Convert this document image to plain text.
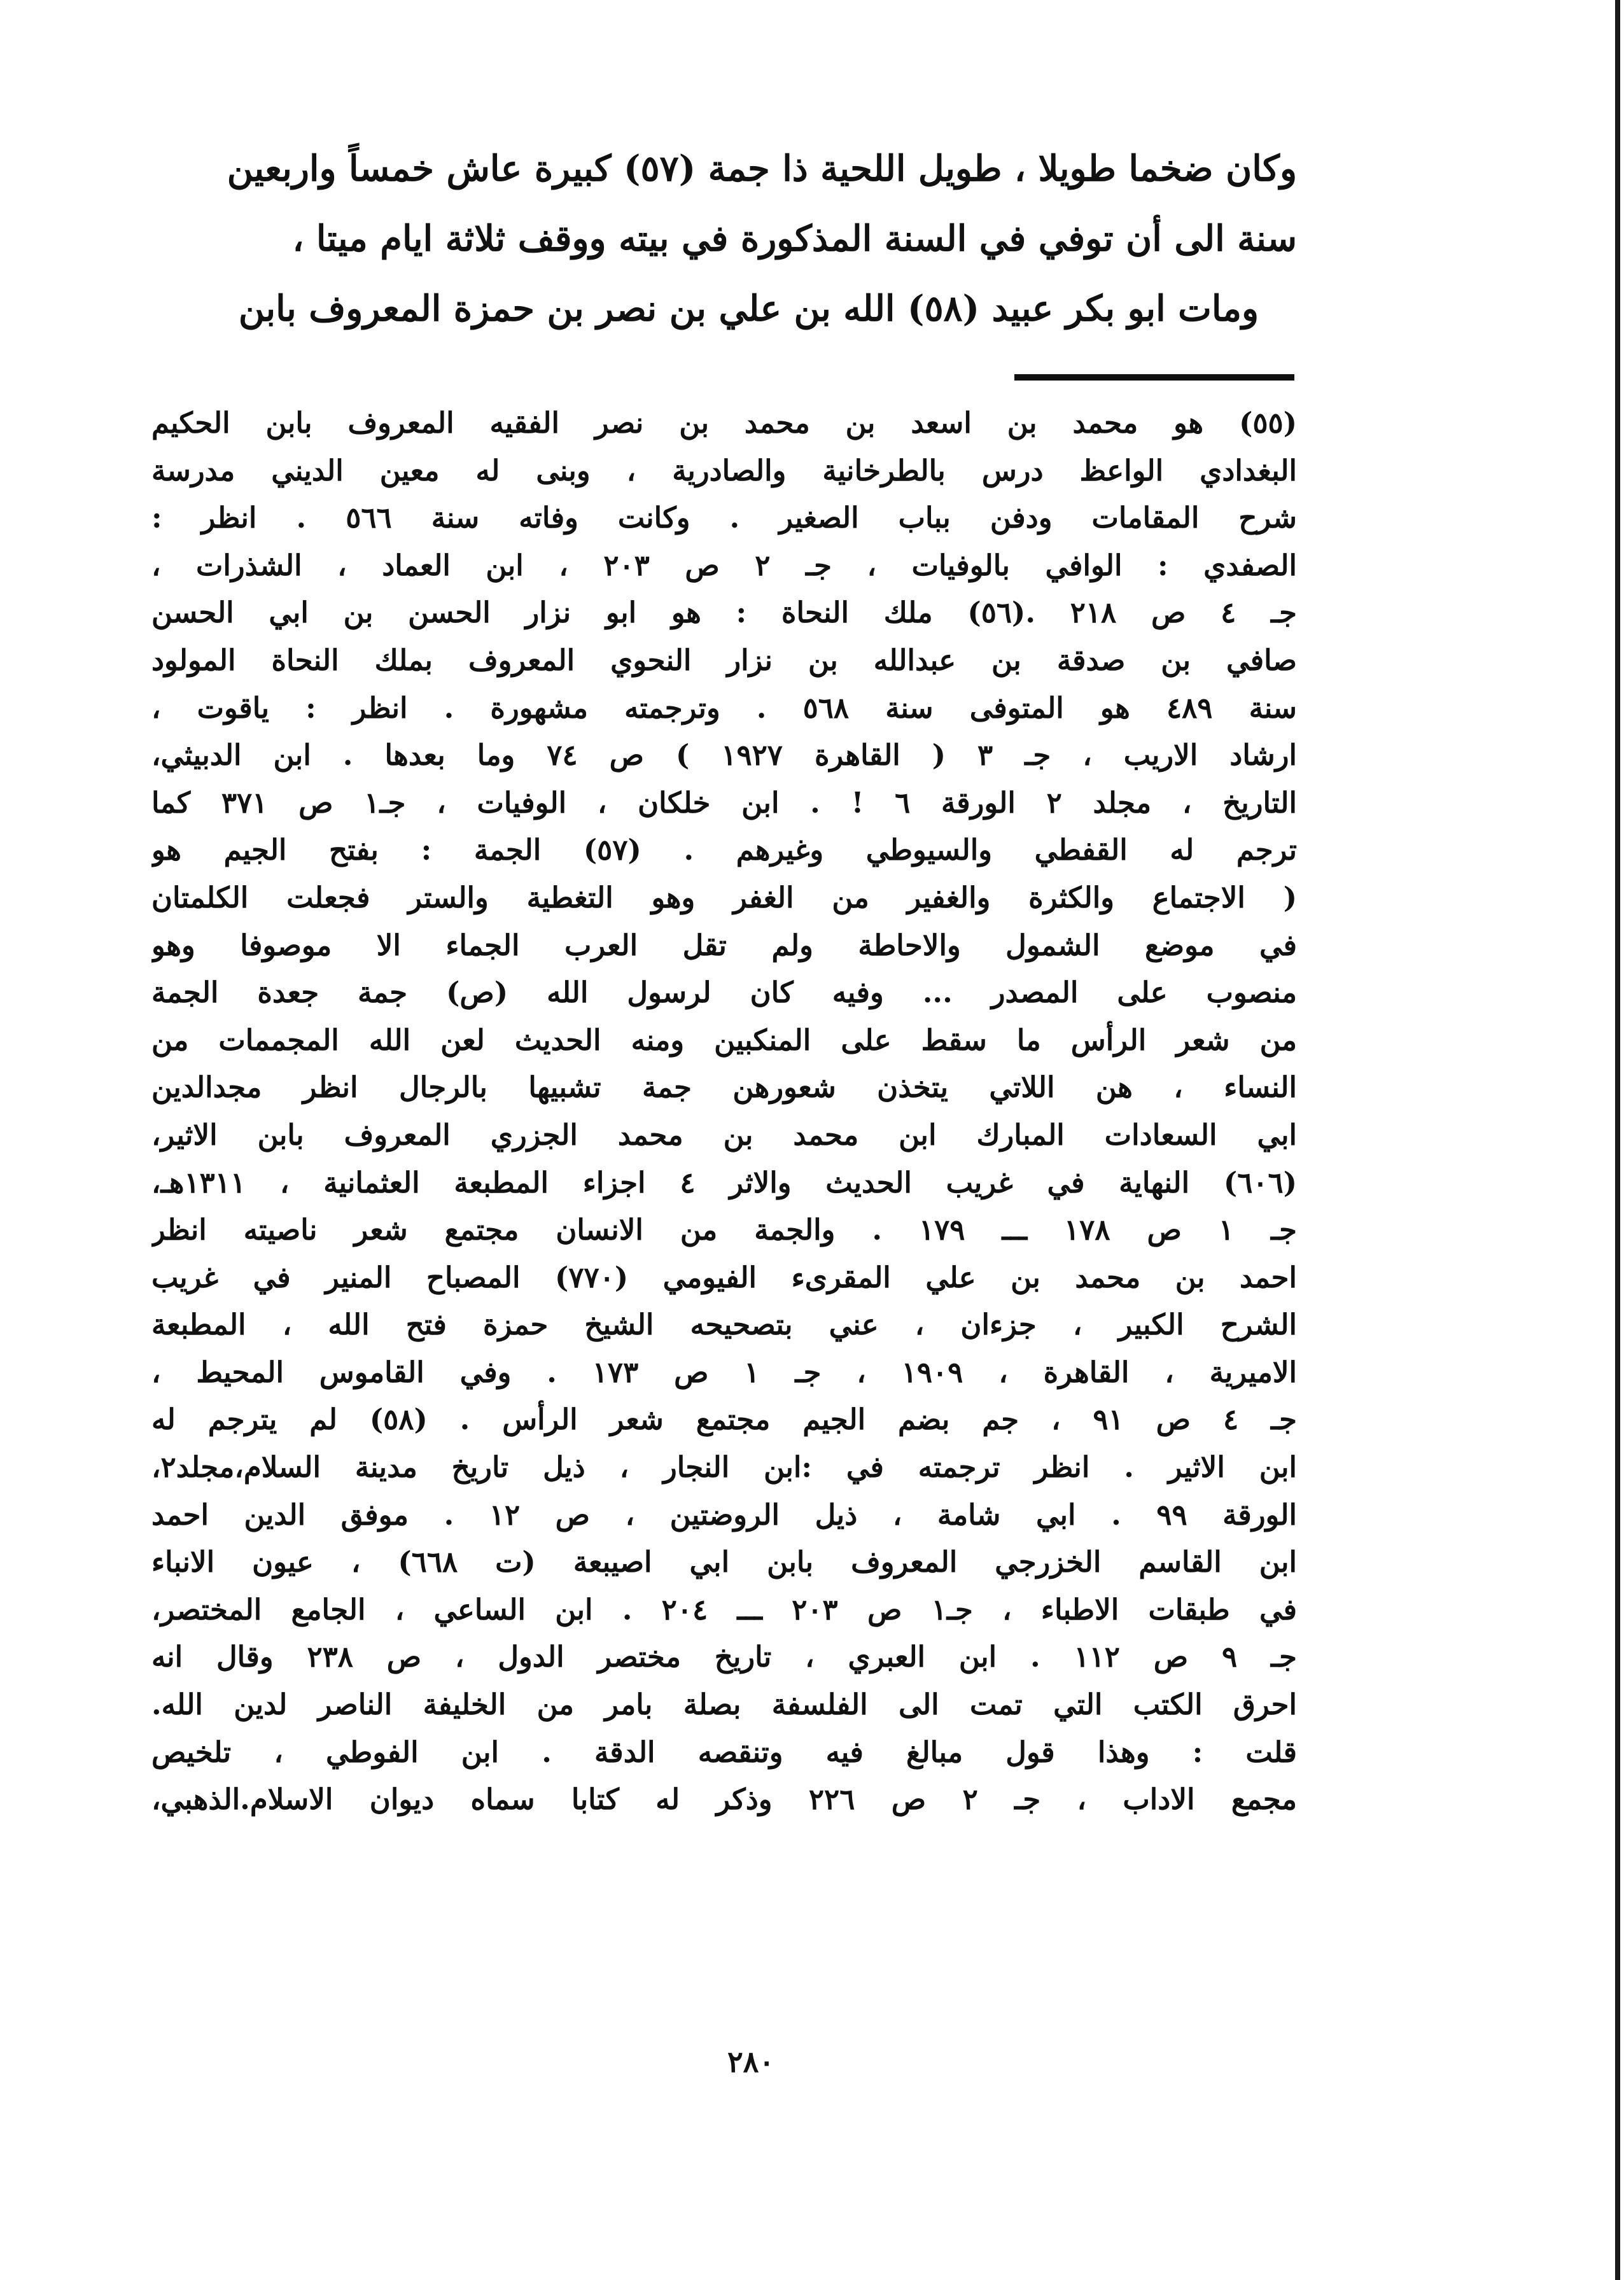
وكان ضخما طويلا ، طويل اللحية ذا جمة (٥٧) كبيرة عاش خمساً واربعين

سنة الى أن توفي في السنة المذكورة في بيته ووقف ثلاثة ايام ميتا ،

ومات ابو بكر عبيد (٥٨) الله بن علي بن نصر بن حمزة المعروف بابن

(٥٥) هو محمد بن اسعد بن محمد بن نصر الفقيه المعروف بابن الحكيم
البغدادي الواعظ درس بالطرخانية والصادرية ، وبنى له معين الديني مدرسة
شرح المقامات ودفن بباب الصغير . وكانت وفاته سنة ٥٦٦ . انظر :
الصفدي : الوافي بالوفيات ، جـ ٢ ص ٢٠٣ ، ابن العماد ، الشذرات ،
جـ ٤ ص ٢١٨ .(٥٦) ملك النحاة : هو ابو نزار الحسن بن ابي الحسن
صافي بن صدقة بن عبدالله بن نزار النحوي المعروف بملك النحاة المولود
سنة ٤٨٩ هو المتوفى سنة ٥٦٨ . وترجمته مشهورة . انظر : ياقوت ،
ارشاد الاريب ، جـ ٣ ( القاهرة ١٩٢٧ ) ص ٧٤ وما بعدها . ابن الدبيثي،
التاريخ ، مجلد ٢ الورقة ٦ ! . ابن خلكان ، الوفيات ، جـ١ ص ٣٧١ كما
ترجم له القفطي والسيوطي وغيرهم . (٥٧) الجمة : بفتح الجيم هو
( الاجتماع والكثرة والغفير من الغفر وهو التغطية والستر فجعلت الكلمتان
في موضع الشمول والاحاطة ولم تقل العرب الجماء الا موصوفا وهو
منصوب على المصدر ... وفيه كان لرسول الله (ص) جمة جعدة الجمة
من شعر الرأس ما سقط على المنكبين ومنه الحديث لعن الله المجممات من
النساء ، هن اللاتي يتخذن شعورهن جمة تشبيها بالرجال انظر مجدالدين
ابي السعادات المبارك ابن محمد بن محمد الجزري المعروف بابن الاثير،
(٦٠٦) النهاية في غريب الحديث والاثر ٤ اجزاء المطبعة العثمانية ، ١٣١١هـ،
جـ ١ ص ١٧٨ ـــ ١٧٩ . والجمة من الانسان مجتمع شعر ناصيته انظر
احمد بن محمد بن علي المقرىء الفيومي (٧٧٠) المصباح المنير في غريب
الشرح الكبير ، جزءان ، عني بتصحيحه الشيخ حمزة فتح الله ، المطبعة
الاميرية ، القاهرة ، ١٩٠٩ ، جـ ١ ص ١٧٣ . وفي القاموس المحيط ،
جـ ٤ ص ٩١ ، جم بضم الجيم مجتمع شعر الرأس . (٥٨) لم يترجم له
ابن الاثير . انظر ترجمته في :ابن النجار ، ذيل تاريخ مدينة السلام،مجلد٢،
الورقة ٩٩ . ابي شامة ، ذيل الروضتين ، ص ١٢ . موفق الدين احمد
ابن القاسم الخزرجي المعروف بابن ابي اصيبعة (ت ٦٦٨) ، عيون الانباء
في طبقات الاطباء ، جـ١ ص ٢٠٣ ـــ ٢٠٤ . ابن الساعي ، الجامع المختصر،
جـ ٩ ص ١١٢ . ابن العبري ، تاريخ مختصر الدول ، ص ٢٣٨ وقال انه
احرق الكتب التي تمت الى الفلسفة بصلة بامر من الخليفة الناصر لدين الله.
قلت : وهذا قول مبالغ فيه وتنقصه الدقة . ابن الفوطي ، تلخيص
مجمع الاداب ، جـ ٢ ص ٢٢٦ وذكر له كتابا سماه ديوان الاسلام.الذهبي،
٢٨٠
